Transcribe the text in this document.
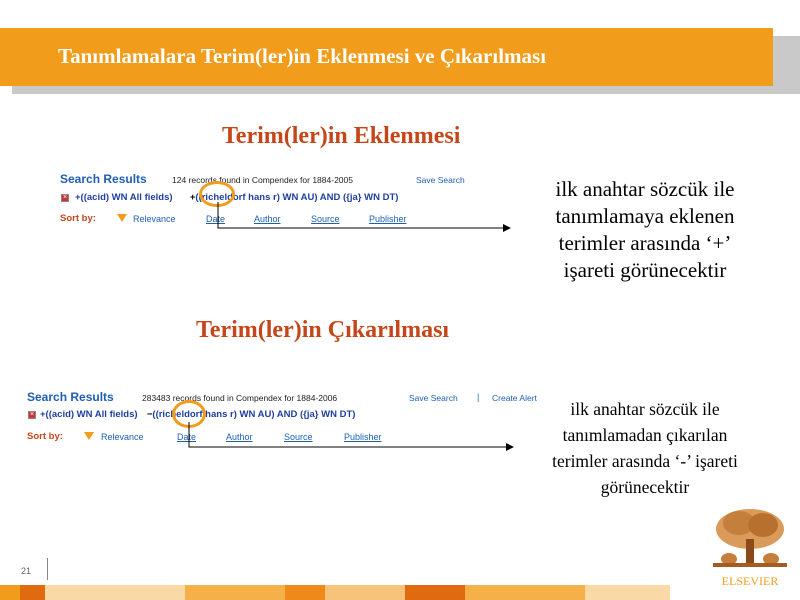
Tanımlamalara Terim(ler)in Eklenmesi ve Çıkarılması
Terim(ler)in Eklenmesi
Search Results	124 records found in Compendex for 1884-2005	Save Search
× +((acid) WN All fields) +((richeldorf hans r) WN AU) AND ({ja} WN DT)
Sort by:	Relevance	Date	Author	Source	Publisher
ilk anahtar sözcük ile
tanımlamaya eklenen
terimler arasında ‘+’
işareti görünecektir
Terim(ler)in Çıkarılması
Search Results	283483 records found in Compendex for 1884-2006	Save Search | Create Alert
× +((acid) WN All fields) −((richeldorf hans r) WN AU) AND ({ja} WN DT)
Sort by:	Relevance	Date	Author	Source	Publisher
ilk anahtar sözcük ile
tanımlamadan çıkarılan
terimler arasında ‘-’ işareti
görünecektir
21
ELSEVIER
